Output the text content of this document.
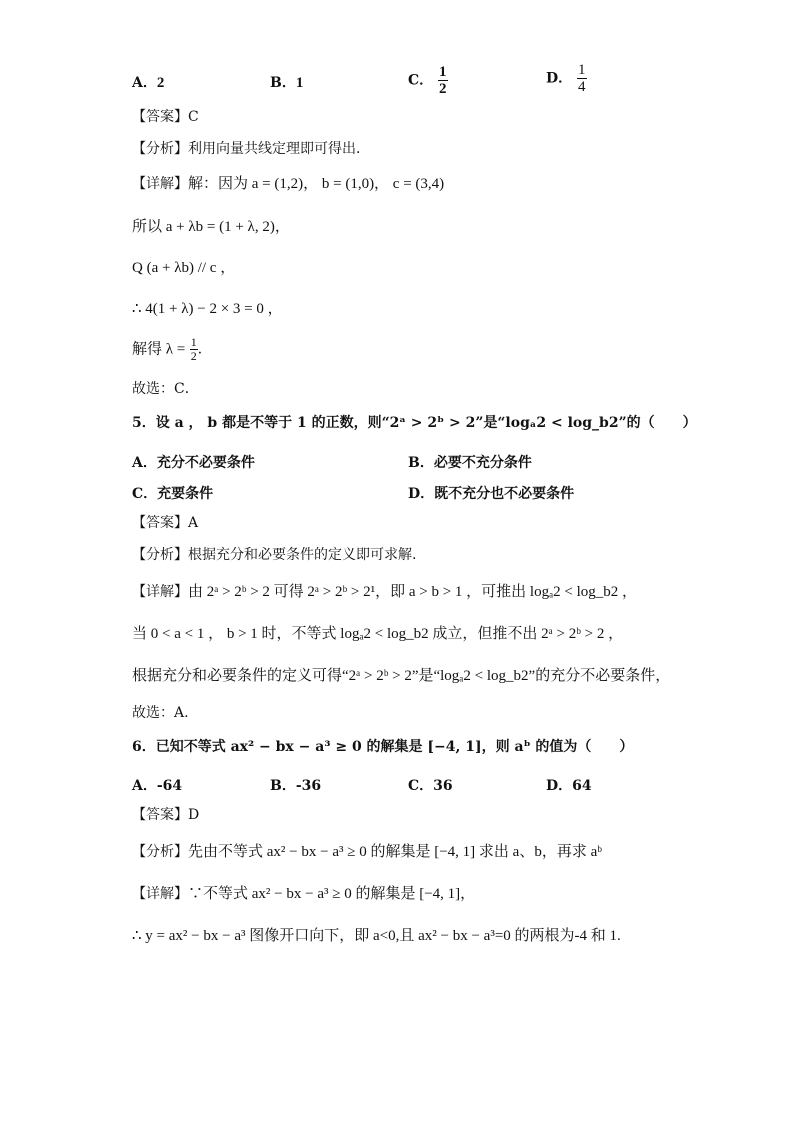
A．2	B．1	C． $\frac{1}{2}$	D． $\frac{1}{4}$
【答案】C
【分析】利用向量共线定理即可得出．
【详解】解：因为 a = (1,2)， b = (1,0)， c = (3,4)
所以 a + λb = (1 + λ, 2)，
Q (a + λb) // c ，
∴ 4(1 + λ) − 2 × 3 = 0 ，
解得 $\lambda = \frac{1}{2}$ ．
故选：C．
5．设 a ， b 都是不等于 1 的正数，则“2ᵃ > 2ᵇ > 2”是“logₐ2 < log_b2”的（　　）
A．充分不必要条件	B．必要不充分条件
C．充要条件	D．既不充分也不必要条件
【答案】A
【分析】根据充分和必要条件的定义即可求解.
【详解】由 2ᵃ > 2ᵇ > 2 可得 2ᵃ > 2ᵇ > 2¹，即 a > b > 1 ，可推出 logₐ2 < log_b2 ，
当 0 < a < 1 ， b > 1 时，不等式 logₐ2 < log_b2 成立，但推不出 2ᵃ > 2ᵇ > 2 ，
根据充分和必要条件的定义可得“2ᵃ > 2ᵇ > 2”是“logₐ2 < log_b2”的充分不必要条件，
故选：A.
6．已知不等式 ax² − bx − a³ ≥ 0 的解集是 [−4, 1]，则 aᵇ 的值为（　　）
A．-64	B．-36	C．36	D．64
【答案】D
【分析】先由不等式 ax² − bx − a³ ≥ 0 的解集是 [−4, 1] 求出 a、b，再求 aᵇ
【详解】∵不等式 ax² − bx − a³ ≥ 0 的解集是 [−4, 1]，
∴ y = ax² − bx − a³ 图像开口向下，即 a<0,且 ax² − bx − a³=0 的两根为-4 和 1.
